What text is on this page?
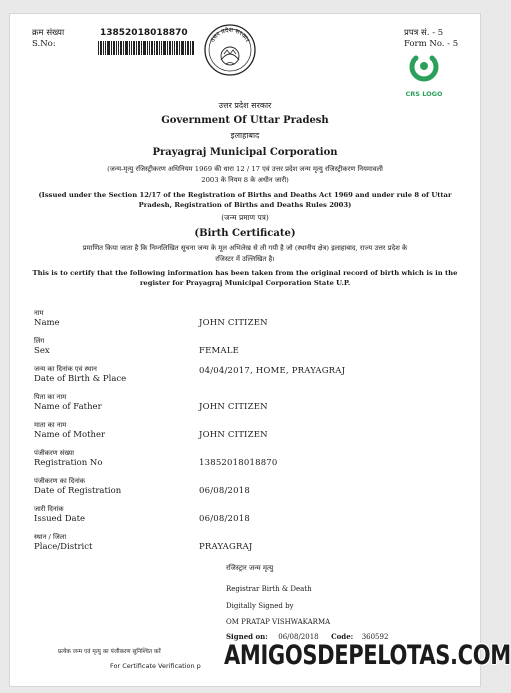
क्रम संख्या
S.No:
13852018018870	प्रपत्र सं. - 5
Form No. - 5
उत्तर प्रदेश सरकार
CRS LOGO
उत्तर प्रदेश सरकार
Government Of Uttar Pradesh
इलाहाबाद
Prayagraj Municipal Corporation
(जन्म-मृत्यु रजिस्ट्रीकरण अधिनियम 1969 की धारा 12 / 17 एवं उत्तर प्रदेश जन्म मृत्यु रजिस्ट्रीकरण नियमावली 2003 के नियम 8 के अधीन जारी)
(Issued under the Section 12/17 of the Registration of Births and Deaths Act 1969 and under rule 8 of Uttar Pradesh, Registration of Births and Deaths Rules 2003)
(जन्म प्रमाण पत्र)
(Birth Certificate)
प्रमाणित किया जाता है कि निम्नलिखित सूचना जन्म के मूल अभिलेख से ली गयी है जो (स्थानीय क्षेत्र) इलाहाबाद, राज्य उत्तर प्रदेश के रजिस्टर में उल्लिखित है।
This is to certify that the following information has been taken from the original record of birth which is in the register for Prayagraj Municipal Corporation State U.P.
नाम
Name	JOHN CITIZEN
लिंग
Sex	FEMALE
जन्म का दिनांक एवं स्थान
Date of Birth & Place
04/04/2017, HOME, PRAYAGRAJ
पिता का नाम
Name of Father	JOHN CITIZEN
माता का नाम
Name of Mother	JOHN CITIZEN
पंजीकरण संख्या
Registration No	13852018018870
पंजीकरण का दिनांक
Date of Registration	06/08/2018
जारी दिनांक
Issued Date	06/08/2018
स्थान / जिला
Place/District	PRAYAGRAJ
रजिस्ट्रार जन्म मृत्यु
Registrar Birth & Death
Digitally Signed by
OM PRATAP VISHWAKARMA
Signed on: 06/08/2018 Code: 360592
प्रत्येक जन्म एवं मृत्यु का पंजीकरण सुनिश्चित करें
For Certificate Verification p AMIGOSDEPELOTAS.COM
